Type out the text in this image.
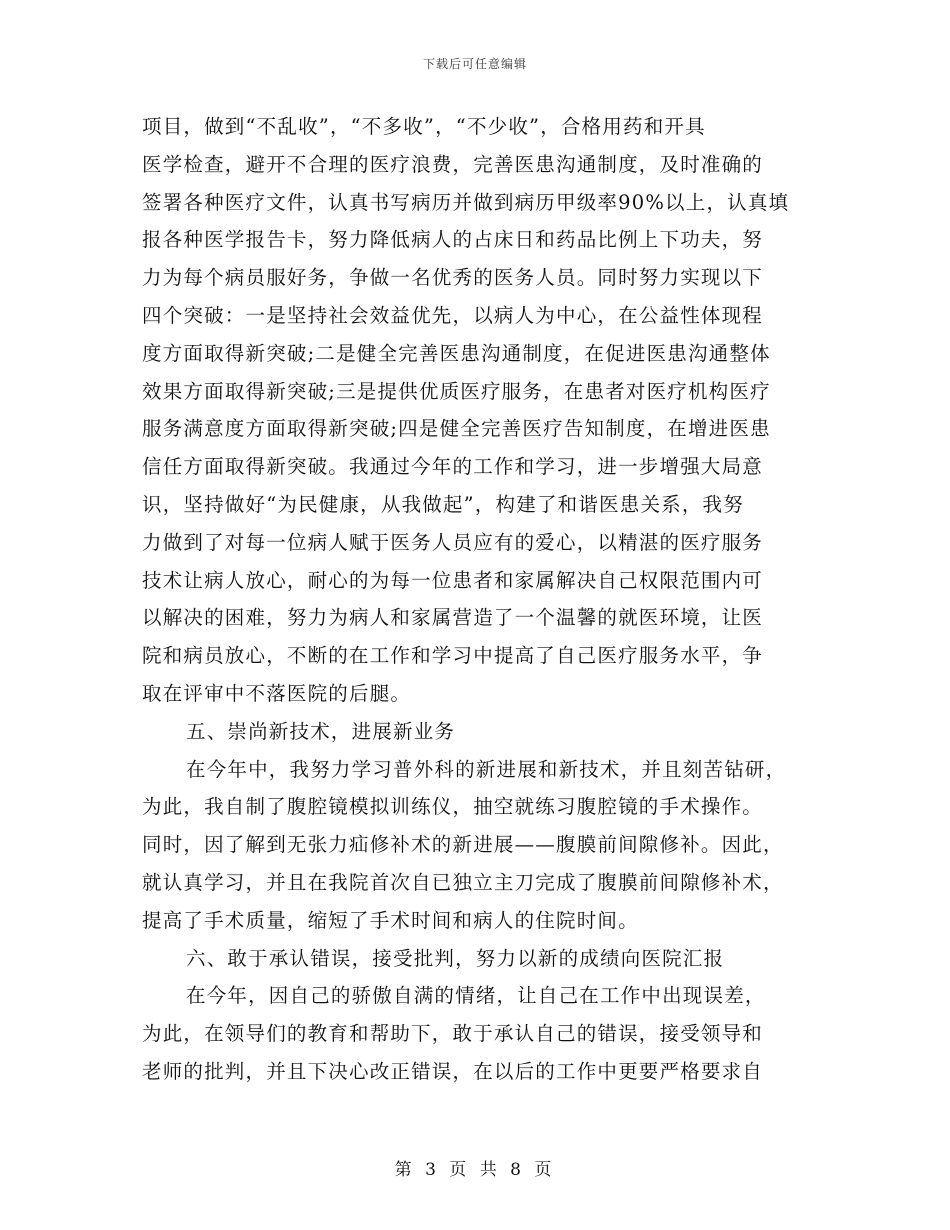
下载后可任意编辑
项目，做到“不乱收”，“不多收”，“不少收”，合格用药和开具
医学检查，避开不合理的医疗浪费，完善医患沟通制度，及时准确的
签署各种医疗文件，认真书写病历并做到病历甲级率90%以上，认真填
报各种医学报告卡，努力降低病人的占床日和药品比例上下功夫，努
力为每个病员服好务，争做一名优秀的医务人员。同时努力实现以下
四个突破：一是坚持社会效益优先，以病人为中心，在公益性体现程
度方面取得新突破;二是健全完善医患沟通制度，在促进医患沟通整体
效果方面取得新突破;三是提供优质医疗服务，在患者对医疗机构医疗
服务满意度方面取得新突破;四是健全完善医疗告知制度，在增进医患
信任方面取得新突破。我通过今年的工作和学习，进一步增强大局意
识，坚持做好“为民健康，从我做起”，构建了和谐医患关系，我努
力做到了对每一位病人赋于医务人员应有的爱心，以精湛的医疗服务
技术让病人放心，耐心的为每一位患者和家属解决自己权限范围内可
以解决的困难，努力为病人和家属营造了一个温馨的就医环境，让医
院和病员放心，不断的在工作和学习中提高了自己医疗服务水平，争
取在评审中不落医院的后腿。
五、崇尚新技术，进展新业务
在今年中，我努力学习普外科的新进展和新技术，并且刻苦钻研，
为此，我自制了腹腔镜模拟训练仪，抽空就练习腹腔镜的手术操作。
同时，因了解到无张力疝修补术的新进展——腹膜前间隙修补。因此，
就认真学习，并且在我院首次自已独立主刀完成了腹膜前间隙修补术，
提高了手术质量，缩短了手术时间和病人的住院时间。
六、敢于承认错误，接受批判，努力以新的成绩向医院汇报
在今年，因自己的骄傲自满的情绪，让自己在工作中出现误差，
为此，在领导们的教育和帮助下，敢于承认自己的错误，接受领导和
老师的批判，并且下决心改正错误，在以后的工作中更要严格要求自
第 3 页 共 8 页
